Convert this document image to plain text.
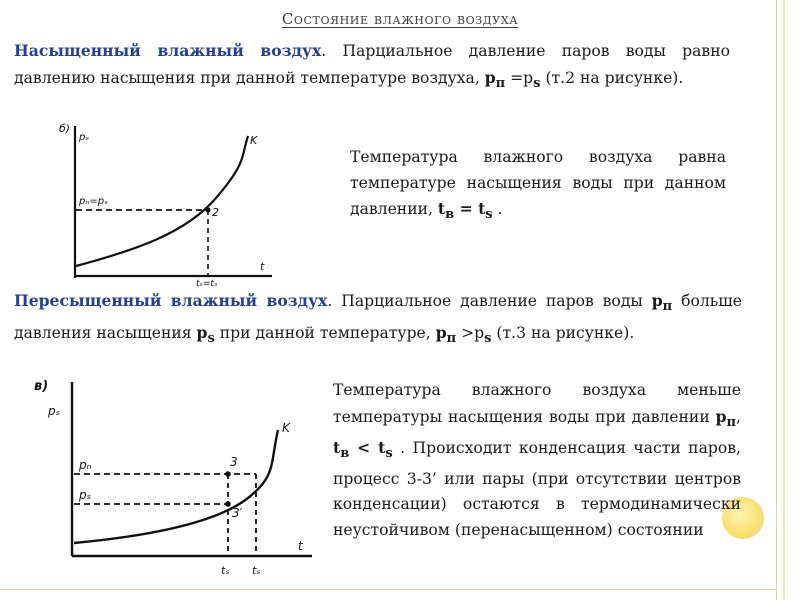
Состояние влажного воздуха
Насыщенный влажный воздух. Парциальное давление паров воды равно давлению насыщения при данной температуре воздуха, $р_п =р_s$ (т.2 на рисунке).
б)
pₛ
t
K
pₙ=pₛ
2
tₛ=tₛ
Температура влажного воздуха равна температуре насыщения воды при данном давлении, $t_в = t_s$ .
Пересыщенный влажный воздух. Парциальное давление паров воды $р_п$ больше давления насыщения $р_s$ при данной температуре, $р_п >р_s$ (т.3 на рисунке).
в)
pₛ
t
K
pₙ
pₛ
3
3′
tₛ tₛ
Температура влажного воздуха меньше температуры насыщения воды при давлении $р_п$, $t_в < t_s$ . Происходит конденсация части паров, процесс 3-3’ или пары (при отсутствии центров конденсации) остаются в термодинамически неустойчивом (перенасыщенном) состоянии
